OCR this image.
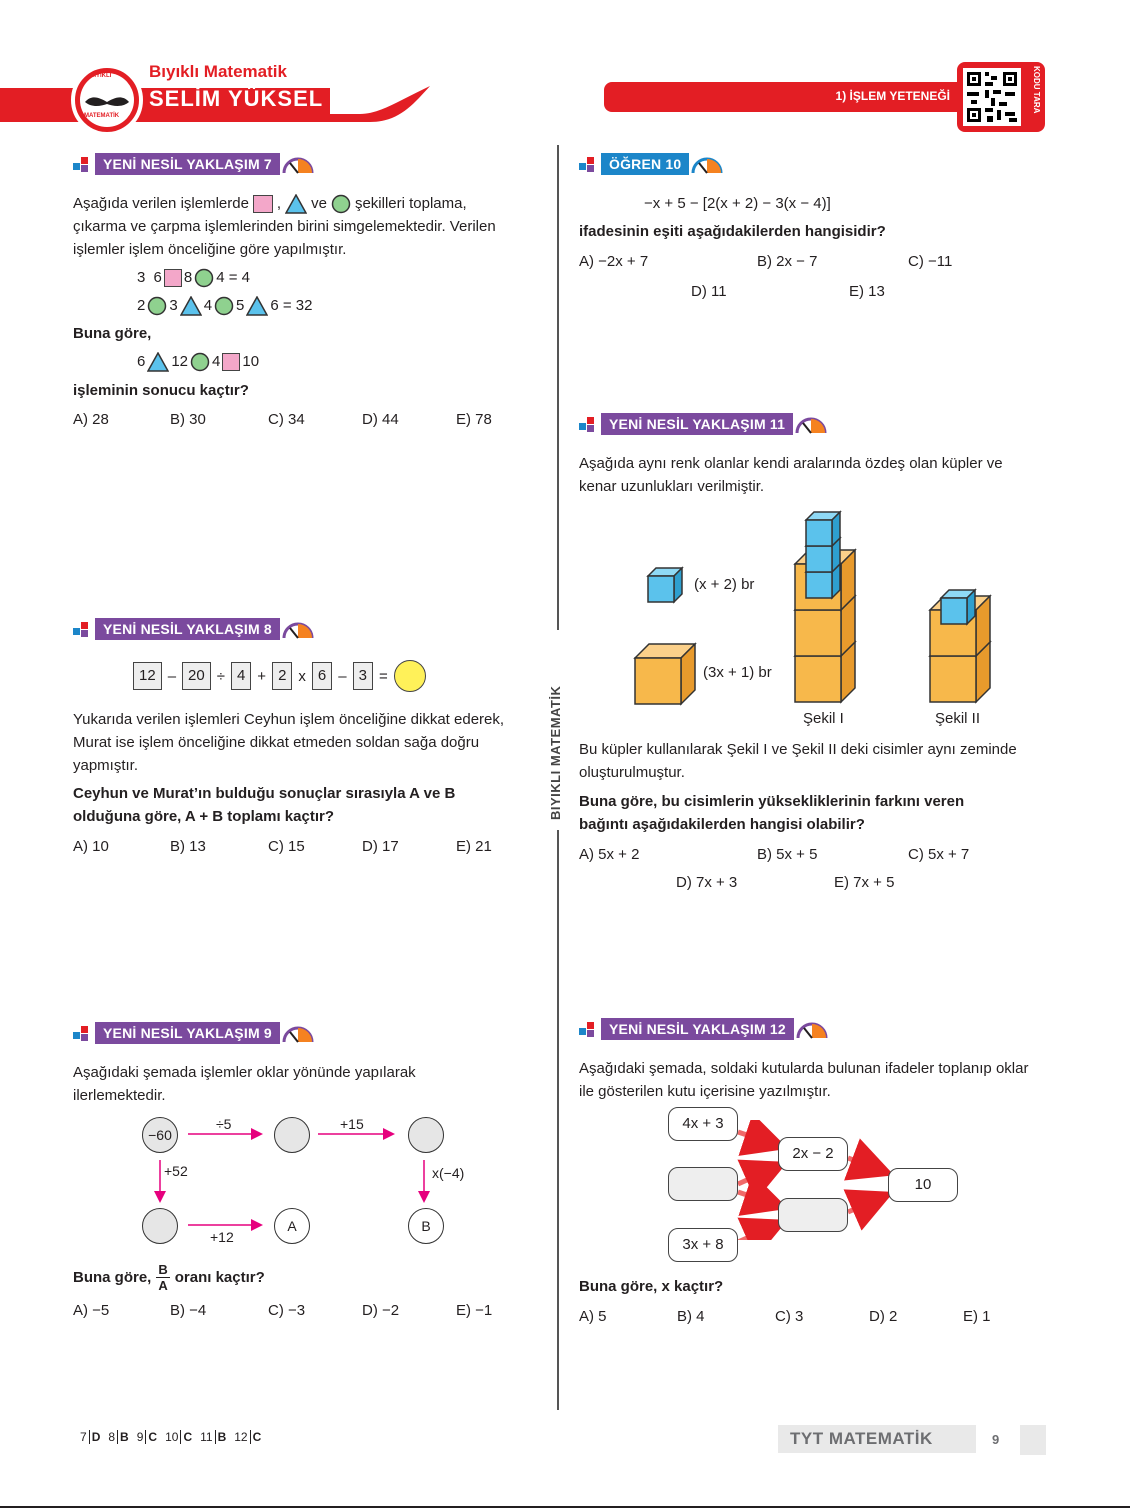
Bıyıklı Matematik
SELİM YÜKSEL
BIYIKLI
MATEMATİK
1) İŞLEM YETENEĞİ	KODU TARA
BIYIKLI MATEMATİK
YENİ NESİL YAKLAŞIM 7
Aşağıda verilen işlemlerde , ve şekilleri toplama,
çıkarma ve çarpma işlemlerinden birini simgelemektedir. Verilen
işlemler işlem önceliğine göre yapılmıştır.
3
6 8 4 = 4
2 3 4 5 6 = 32
Buna göre,
6 12 4 10
işleminin sonucu kaçtır?
A) 28	B) 30	C) 34	D) 44	E) 78
YENİ NESİL YAKLAŞIM 8
12 – 20 ÷ 4 + 2 x 6 – 3 =
Yukarıda verilen işlemleri Ceyhun işlem önceliğine dikkat ederek,
Murat ise işlem önceliğine dikkat etmeden soldan sağa doğru
yapmıştır.
Ceyhun ve Murat’ın bulduğu sonuçlar sırasıyla A ve B
olduğuna göre, A + B toplamı kaçtır?
A) 10	B) 13	C) 15	D) 17	E) 21
YENİ NESİL YAKLAŞIM 9
Aşağıdaki şemada işlemler oklar yönünde yapılarak
ilerlemektedir.
−60
A	B
÷5	+15
+52	x(−4)
+12
Buna göre, $\frac{B}{A}$ oranı kaçtır?
A) −5	B) −4	C) −3	D) −2	E) −1
ÖĞREN 10
−x + 5 − [2(x + 2) − 3(x − 4)]
ifadesinin eşiti aşağıdakilerden hangisidir?
A) −2x + 7	B) 2x − 7	C) −11
D) 11	E) 13
YENİ NESİL YAKLAŞIM 11
Aşağıda aynı renk olanlar kendi aralarında özdeş olan küpler ve
kenar uzunlukları verilmiştir.
(x + 2) br
(3x + 1) br
Şekil I	Şekil II
Bu küpler kullanılarak Şekil I ve Şekil II deki cisimler aynı zeminde
oluşturulmuştur.
Buna göre, bu cisimlerin yüksekliklerinin farkını veren
bağıntı aşağıdakilerden hangisi olabilir?
A) 5x + 2	B) 5x + 5	C) 5x + 7
D) 7x + 3	E) 7x + 5
YENİ NESİL YAKLAŞIM 12
Aşağıdaki şemada, soldaki kutularda bulunan ifadeler toplanıp oklar
ile gösterilen kutu içerisine yazılmıştır.
4x + 3
3x + 8
2x − 2
10
Buna göre, x kaçtır?
A) 5	B) 4	C) 3	D) 2	E) 1
7 D 8 B 9 C 10 C 11 B 12 C	TYT MATEMATİK	9
